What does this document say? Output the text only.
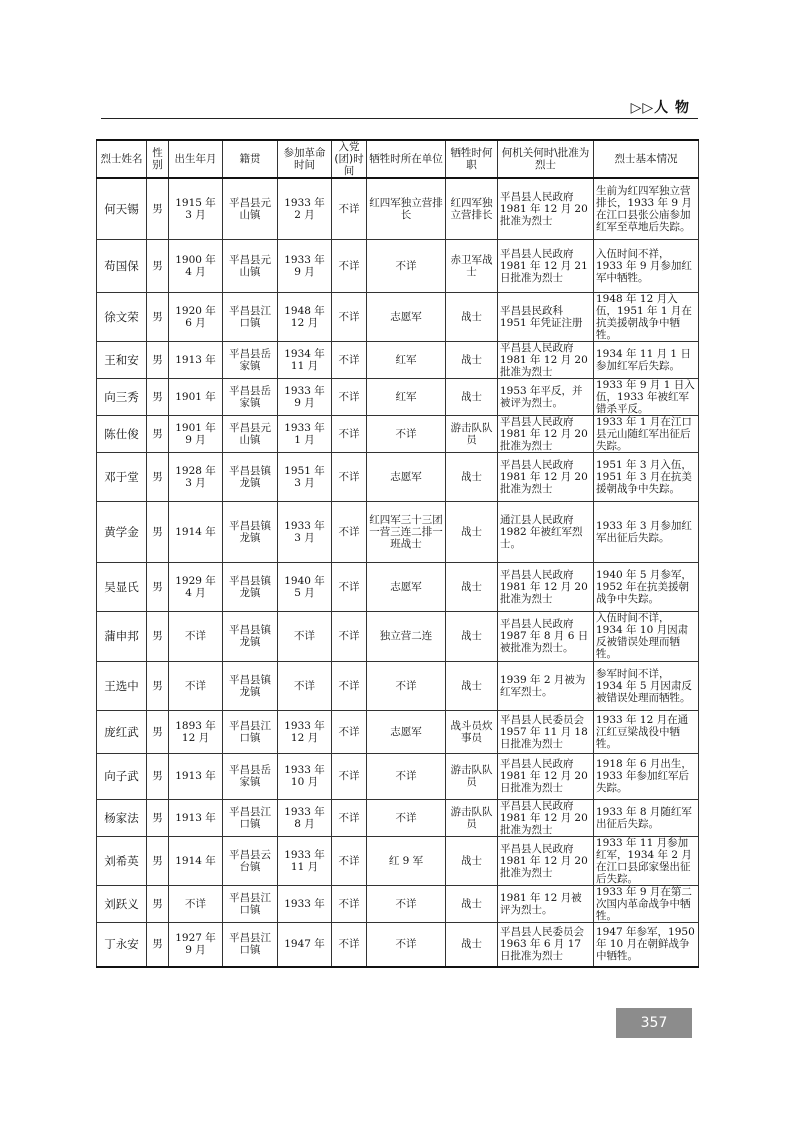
▷▷人 物
烈士姓名	性别	出生年月	籍贯	参加革命时间	入党(团)时间	牺牲时所在单位	牺牲时何职	何机关何时\批准为烈士	烈士基本情况
何天锡	男	1915 年 3 月	平昌县元山镇	1933 年 2 月	不详	红四军独立营排长	红四军独立营排长	平昌县人民政府 1981 年 12 月 20 批准为烈士	生前为红四军独立营排长，1933 年 9 月在江口县张公庙参加红军至草地后失踪。
苟国保	男	1900 年 4 月	平昌县元山镇	1933 年 9 月	不详	不详	赤卫军战士	平昌县人民政府 1981 年 12 月 21 日批准为烈士	入伍时间不祥，1933 年 9 月参加红军中牺牲。
徐文荣	男	1920 年 6 月	平昌县江口镇	1948 年 12 月	不详	志愿军	战士	平昌县民政科 1951 年凭证注册	1948 年 12 月入伍，1951 年 1 月在抗美援朝战争中牺牲。
王和安	男	1913 年	平昌县岳家镇	1934 年 11 月	不详	红军	战士	平昌县人民政府 1981 年 12 月 20 批准为烈士	1934 年 11 月 1 日参加红军后失踪。
向三秀	男	1901 年	平昌县岳家镇	1933 年 9 月	不详	红军	战士	1953 年平反，并被评为烈士。	1933 年 9 月 1 日入伍，1933 年被红军错杀平反。
陈仕俊	男	1901 年 9 月	平昌县元山镇	1933 年 1 月	不详	不详	游击队队员	平昌县人民政府 1981 年 12 月 20 批准为烈士	1933 年 1 月在江口县元山随红军出征后失踪。
邓于堂	男	1928 年 3 月	平昌县镇龙镇	1951 年 3 月	不详	志愿军	战士	平昌县人民政府 1981 年 12 月 20 批准为烈士	1951 年 3 月入伍，1951 年 3 月在抗美援朝战争中失踪。
黄学金	男	1914 年	平昌县镇龙镇	1933 年 3 月	不详	红四军三十三团一营三连二排一班战士	战士	通江县人民政府 1982 年被红军烈士。	1933 年 3 月参加红军出征后失踪。
吴显氏	男	1929 年 4 月	平昌县镇龙镇	1940 年 5 月	不详	志愿军	战士	平昌县人民政府 1981 年 12 月 20 批准为烈士	1940 年 5 月参军，1952 年在抗美援朝战争中失踪。
蒲申邦	男	不详	平昌县镇龙镇	不详	不详	独立营二连	战士	平昌县人民政府 1987 年 8 月 6 日被批准为烈士。	入伍时间不详，1934 年 10 月因肃反被错误处理而牺牲。
王选中	男	不详	平昌县镇龙镇	不详	不详	不详	战士	1939 年 2 月被为红军烈士。	参军时间不详，1934 年 5 月因肃反被错误处理而牺牲。
庞红武	男	1893 年 12 月	平昌县江口镇	1933 年 12 月	不详	志愿军	战斗员炊事员	平昌县人民委员会 1957 年 11 月 18 日批准为烈士	1933 年 12 月在通江红豆梁战役中牺牲。
向子武	男	1913 年	平昌县岳家镇	1933 年 10 月	不详	不详	游击队队员	平昌县人民政府 1981 年 12 月 20 日批准为烈士	1918 年 6 月出生，1933 年参加红军后失踪。
杨家法	男	1913 年	平昌县江口镇	1933 年 8 月	不详	不详	游击队队员	平昌县人民政府 1981 年 12 月 20 批准为烈士	1933 年 8 月随红军出征后失踪。
刘希英	男	1914 年	平昌县云台镇	1933 年 11 月	不详	红 9 军	战士	平昌县人民政府 1981 年 12 月 20 批准为烈士	1933 年 11 月参加红军，1934 年 2 月在江口县邱家堡出征后失踪。
刘跃义	男	不详	平昌县江口镇	1933 年	不详	不详	战士	1981 年 12 月被评为烈士。	1933 年 9 月在第二次国内革命战争中牺牲。
丁永安	男	1927 年 9 月	平昌县江口镇	1947 年	不详	不详	战士	平昌县人民委员会 1963 年 6 月 17 日批准为烈士	1947 年参军，1950 年 10 月在朝鲜战争中牺牲。
357
